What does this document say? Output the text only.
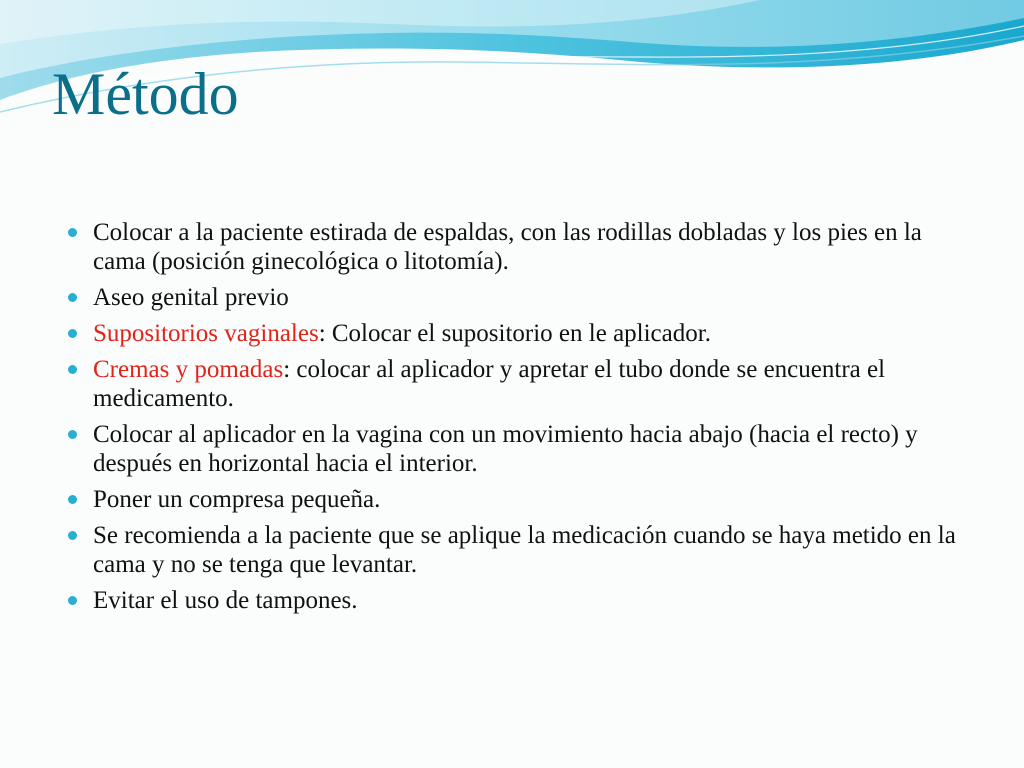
Método
Colocar a la paciente estirada de espaldas, con las rodillas dobladas y los pies en la cama (posición ginecológica o litotomía).
Aseo genital previo
Supositorios vaginales: Colocar el supositorio en le aplicador.
Cremas y pomadas: colocar al aplicador y apretar el tubo donde se encuentra el medicamento.
Colocar al aplicador en la vagina con un movimiento hacia abajo (hacia el recto) y después en horizontal hacia el interior.
Poner un compresa pequeña.
Se recomienda a la paciente que se aplique la medicación cuando se haya metido en la cama y no se tenga que levantar.
Evitar el uso de tampones.
